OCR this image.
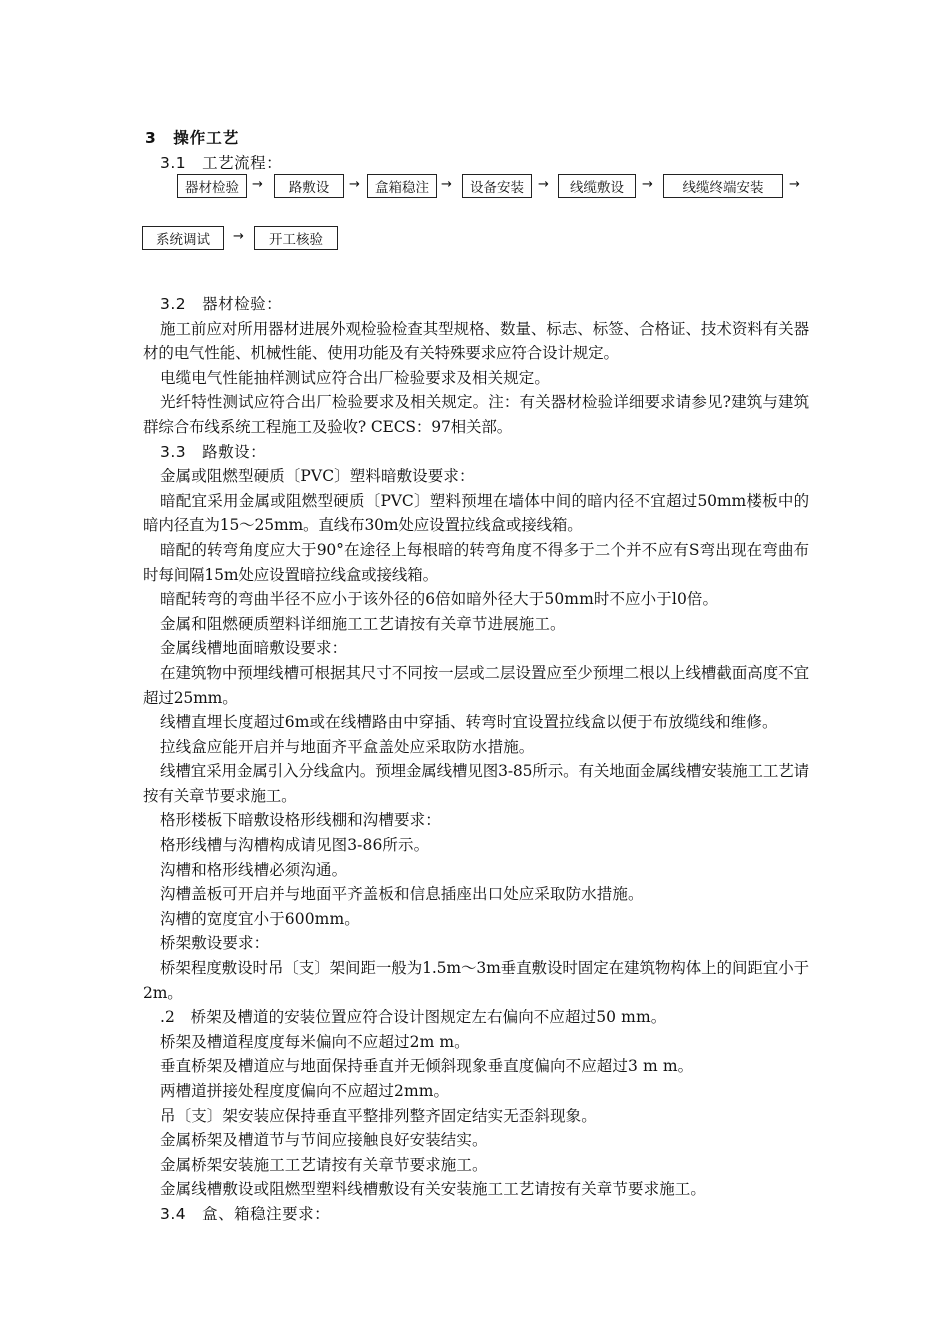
3　操作工艺
3.1　工艺流程：
器材检验	→	路敷设	→	盒箱稳注 →	设备安装	→	线缆敷设	→	线缆终端安装	→
系统调试	→	开工核验

3.2　器材检验：

施工前应对所用器材进展外观检验检查其型规格、数量、标志、标签、合格证、技术资料有关器材的电气性能、机械性能、使用功能及有关特殊要求应符合设计规定。

电缆电气性能抽样测试应符合出厂检验要求及相关规定。

光纤特性测试应符合出厂检验要求及相关规定。注：有关器材检验详细要求请参见?建筑与建筑群综合布线系统工程施工及验收? CECS：97相关部。

3.3　路敷设：

金属或阻燃型硬质〔PVC〕塑料暗敷设要求：

暗配宜采用金属或阻燃型硬质〔PVC〕塑料预埋在墙体中间的暗内径不宜超过50mm楼板中的暗内径直为15～25mm。直线布30m处应设置拉线盒或接线箱。

暗配的转弯角度应大于90°在途径上每根暗的转弯角度不得多于二个并不应有S弯出现在弯曲布时每间隔15m处应设置暗拉线盒或接线箱。

暗配转弯的弯曲半径不应小于该外径的6倍如暗外径大于50mm时不应小于l0倍。

金属和阻燃硬质塑料详细施工工艺请按有关章节进展施工。

金属线槽地面暗敷设要求：

在建筑物中预埋线槽可根据其尺寸不同按一层或二层设置应至少预埋二根以上线槽截面高度不宜超过25mm。

线槽直埋长度超过6m或在线槽路由中穿插、转弯时宜设置拉线盒以便于布放缆线和维修。

拉线盒应能开启并与地面齐平盒盖处应采取防水措施。

线槽宜采用金属引入分线盒内。预埋金属线槽见图3-85所示。有关地面金属线槽安装施工工艺请按有关章节要求施工。

格形楼板下暗敷设格形线棚和沟槽要求：

格形线槽与沟槽构成请见图3-86所示。

沟槽和格形线槽必须沟通。

沟槽盖板可开启并与地面平齐盖板和信息插座出口处应采取防水措施。

沟槽的宽度宜小于600mm。

桥架敷设要求：

桥架程度敷设时吊〔支〕架间距一般为1.5m～3m垂直敷设时固定在建筑物构体上的间距宜小于2m。

.2　桥架及槽道的安装位置应符合设计图规定左右偏向不应超过50 mm。

桥架及槽道程度度每米偏向不应超过2m m。

垂直桥架及槽道应与地面保持垂直并无倾斜现象垂直度偏向不应超过3 m m。

两槽道拼接处程度度偏向不应超过2mm。

吊〔支〕架安装应保持垂直平整排列整齐固定结实无歪斜现象。

金属桥架及槽道节与节间应接触良好安装结实。

金属桥架安装施工工艺请按有关章节要求施工。

金属线槽敷设或阻燃型塑料线槽敷设有关安装施工工艺请按有关章节要求施工。

3.4　盒、箱稳注要求：
